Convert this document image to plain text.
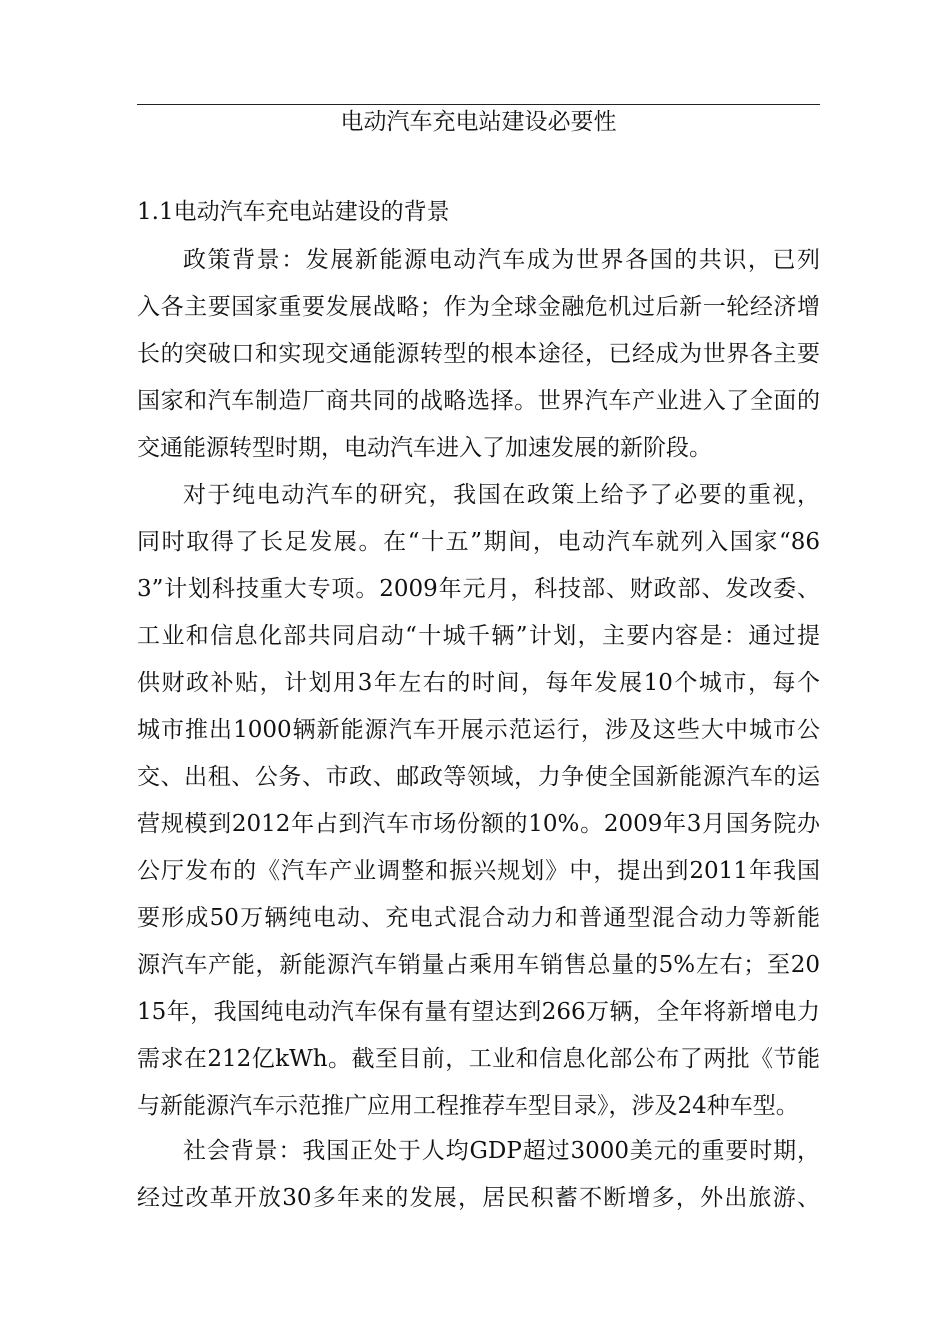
电动汽车充电站建设必要性
1.1电动汽车充电站建设的背景
政策背景：发展新能源电动汽车成为世界各国的共识，已列
入各主要国家重要发展战略；作为全球金融危机过后新一轮经济增
长的突破口和实现交通能源转型的根本途径，已经成为世界各主要
国家和汽车制造厂商共同的战略选择。世界汽车产业进入了全面的
交通能源转型时期，电动汽车进入了加速发展的新阶段。
对于纯电动汽车的研究，我国在政策上给予了必要的重视，
同时取得了长足发展。在“十五”期间，电动汽车就列入国家“86
3”计划科技重大专项。2009年元月，科技部、财政部、发改委、
工业和信息化部共同启动“十城千辆”计划，主要内容是：通过提
供财政补贴，计划用3年左右的时间，每年发展10个城市，每个
城市推出1000辆新能源汽车开展示范运行，涉及这些大中城市公
交、出租、公务、市政、邮政等领域，力争使全国新能源汽车的运
营规模到2012年占到汽车市场份额的10%。2009年3月国务院办
公厅发布的《汽车产业调整和振兴规划》中，提出到2011年我国
要形成50万辆纯电动、充电式混合动力和普通型混合动力等新能
源汽车产能，新能源汽车销量占乘用车销售总量的5%左右；至20
15年，我国纯电动汽车保有量有望达到266万辆，全年将新增电力
需求在212亿kWh。截至目前，工业和信息化部公布了两批《节能
与新能源汽车示范推广应用工程推荐车型目录》，涉及24种车型。
社会背景：我国正处于人均GDP超过3000美元的重要时期，
经过改革开放30多年来的发展，居民积蓄不断增多，外出旅游、
